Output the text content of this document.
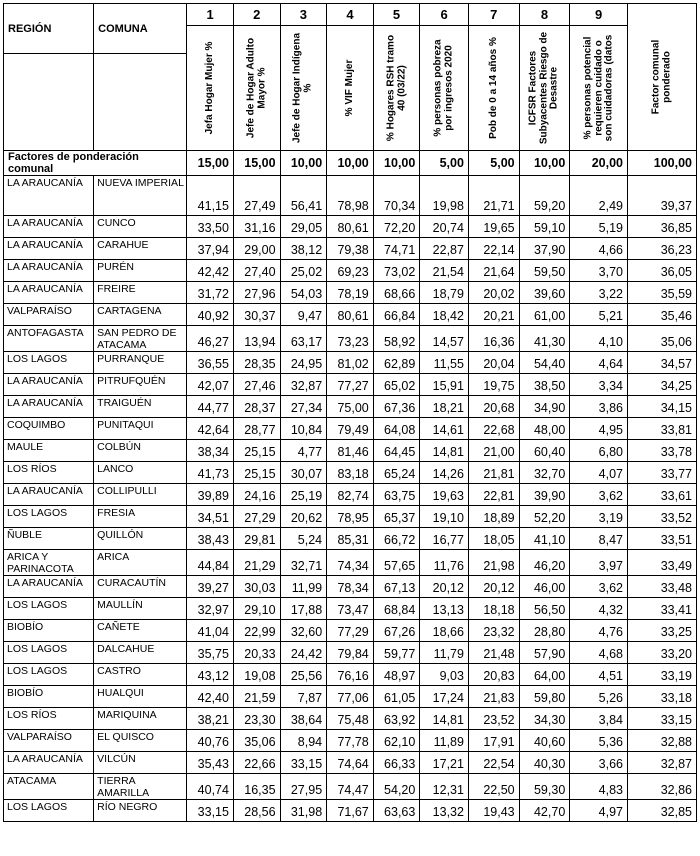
REGIÓN	COMUNA	1	2	3	4	5	6	7	8	9	Factor comunal ponderado

		Jefa Hogar Mujer %	Jefe de Hogar Adulto Mayor %	Jefe de Hogar Indígena %	% VIF Mujer	% Hogares RSH tramo 40 (03/22)	% personas pobreza por ingresos 2020	Pob de 0 a 14 años %	ICFSR Factores Subyacentes Riesgo de Desastre	% personas potencial requieren cuidado o son cuidadoras (datos	

Factores de ponderación comunal		15,00	15,00	10,00	10,00	10,00	5,00	5,00	10,00	20,00	100,00
LA ARAUCANÍA	NUEVA IMPERIAL	41,15	27,49	56,41	78,98	70,34	19,98	21,71	59,20	2,49	39,37
LA ARAUCANÍA	CUNCO	33,50	31,16	29,05	80,61	72,20	20,74	19,65	59,10	5,19	36,85
LA ARAUCANÍA	CARAHUE	37,94	29,00	38,12	79,38	74,71	22,87	22,14	37,90	4,66	36,23
LA ARAUCANÍA	PURÉN	42,42	27,40	25,02	69,23	73,02	21,54	21,64	59,50	3,70	36,05
LA ARAUCANÍA	FREIRE	31,72	27,96	54,03	78,19	68,66	18,79	20,02	39,60	3,22	35,59
VALPARAÍSO	CARTAGENA	40,92	30,37	9,47	80,61	66,84	18,42	20,21	61,00	5,21	35,46
ANTOFAGASTA	SAN PEDRO DE ATACAMA	46,27	13,94	63,17	73,23	58,92	14,57	16,36	41,30	4,10	35,06
LOS LAGOS	PURRANQUE	36,55	28,35	24,95	81,02	62,89	11,55	20,04	54,40	4,64	34,57
LA ARAUCANÍA	PITRUFQUÉN	42,07	27,46	32,87	77,27	65,02	15,91	19,75	38,50	3,34	34,25
LA ARAUCANÍA	TRAIGUÉN	44,77	28,37	27,34	75,00	67,36	18,21	20,68	34,90	3,86	34,15
COQUIMBO	PUNITAQUI	42,64	28,77	10,84	79,49	64,08	14,61	22,68	48,00	4,95	33,81
MAULE	COLBÚN	38,34	25,15	4,77	81,46	64,45	14,81	21,00	60,40	6,80	33,78
LOS RÍOS	LANCO	41,73	25,15	30,07	83,18	65,24	14,26	21,81	32,70	4,07	33,77
LA ARAUCANÍA	COLLIPULLI	39,89	24,16	25,19	82,74	63,75	19,63	22,81	39,90	3,62	33,61
LOS LAGOS	FRESIA	34,51	27,29	20,62	78,95	65,37	19,10	18,89	52,20	3,19	33,52
ÑUBLE	QUILLÓN	38,43	29,81	5,24	85,31	66,72	16,77	18,05	41,10	8,47	33,51
ARICA Y PARINACOTA	ARICA	44,84	21,29	32,71	74,34	57,65	11,76	21,98	46,20	3,97	33,49
LA ARAUCANÍA	CURACAUTÍN	39,27	30,03	11,99	78,34	67,13	20,12	20,12	46,00	3,62	33,48
LOS LAGOS	MAULLÍN	32,97	29,10	17,88	73,47	68,84	13,13	18,18	56,50	4,32	33,41
BIOBÍO	CAÑETE	41,04	22,99	32,60	77,29	67,26	18,66	23,32	28,80	4,76	33,25
LOS LAGOS	DALCAHUE	35,75	20,33	24,42	79,84	59,77	11,79	21,48	57,90	4,68	33,20
LOS LAGOS	CASTRO	43,12	19,08	25,56	76,16	48,97	9,03	20,83	64,00	4,51	33,19
BIOBÍO	HUALQUI	42,40	21,59	7,87	77,06	61,05	17,24	21,83	59,80	5,26	33,18
LOS RÍOS	MARIQUINA	38,21	23,30	38,64	75,48	63,92	14,81	23,52	34,30	3,84	33,15
VALPARAÍSO	EL QUISCO	40,76	35,06	8,94	77,78	62,10	11,89	17,91	40,60	5,36	32,88
LA ARAUCANÍA	VILCÚN	35,43	22,66	33,15	74,64	66,33	17,21	22,54	40,30	3,66	32,87
ATACAMA	TIERRA AMARILLA	40,74	16,35	27,95	74,47	54,20	12,31	22,50	59,30	4,83	32,86
LOS LAGOS	RÍO NEGRO	33,15	28,56	31,98	71,67	63,63	13,32	19,43	42,70	4,97	32,85
